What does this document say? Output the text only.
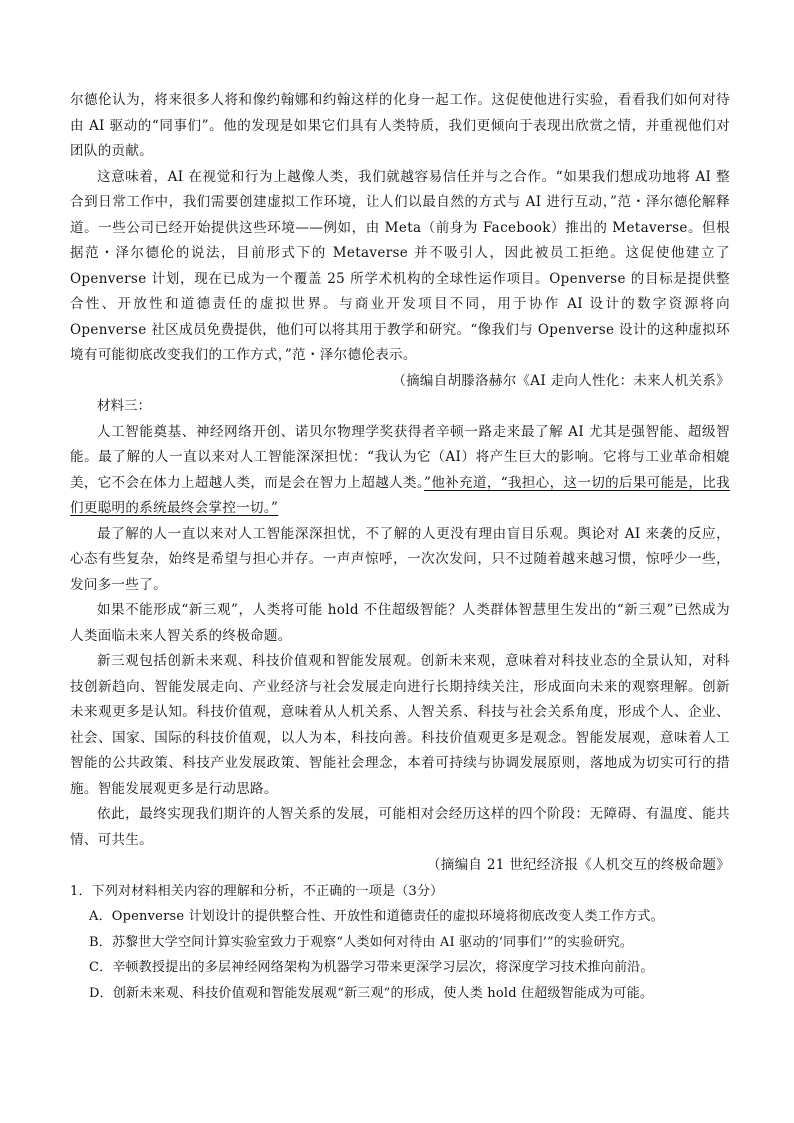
尔德伦认为，将来很多人将和像约翰娜和约翰这样的化身一起工作。这促使他进行实验，看看我们如何对待由 AI 驱动的“同事们”。他的发现是如果它们具有人类特质，我们更倾向于表现出欣赏之情，并重视他们对团队的贡献。

这意味着，AI 在视觉和行为上越像人类，我们就越容易信任并与之合作。“如果我们想成功地将 AI 整合到日常工作中，我们需要创建虚拟工作环境，让人们以最自然的方式与 AI 进行互动，”范・泽尔德伦解释道。一些公司已经开始提供这些环境——例如，由 Meta（前身为 Facebook）推出的 Metaverse。但根据范・泽尔德伦的说法，目前形式下的 Metaverse 并不吸引人，因此被员工拒绝。这促使他建立了 Openverse 计划，现在已成为一个覆盖 25 所学术机构的全球性运作项目。Openverse 的目标是提供整合性、开放性和道德责任的虚拟世界。与商业开发项目不同，用于协作 AI 设计的数字资源将向 Openverse 社区成员免费提供，他们可以将其用于教学和研究。“像我们与 Openverse 设计的这种虚拟环境有可能彻底改变我们的工作方式，”范・泽尔德伦表示。

（摘编自胡滕洛赫尔《AI 走向人性化：未来人机关系》

材料三：

人工智能奠基、神经网络开创、诺贝尔物理学奖获得者辛顿一路走来最了解 AI 尤其是强智能、超级智能。最了解的人一直以来对人工智能深深担忧：“我认为它（AI）将产生巨大的影响。它将与工业革命相媲美，它不会在体力上超越人类，而是会在智力上超越人类。”他补充道，“我担心，这一切的后果可能是，比我们更聪明的系统最终会掌控一切。”

最了解的人一直以来对人工智能深深担忧，不了解的人更没有理由盲目乐观。舆论对 AI 来袭的反应，心态有些复杂，始终是希望与担心并存。一声声惊呼，一次次发问，只不过随着越来越习惯，惊呼少一些，发问多一些了。

如果不能形成“新三观”，人类将可能 hold 不住超级智能？人类群体智慧里生发出的“新三观”已然成为人类面临未来人智关系的终极命题。

新三观包括创新未来观、科技价值观和智能发展观。创新未来观，意味着对科技业态的全景认知，对科技创新趋向、智能发展走向、产业经济与社会发展走向进行长期持续关注，形成面向未来的观察理解。创新未来观更多是认知。科技价值观，意味着从人机关系、人智关系、科技与社会关系角度，形成个人、企业、社会、国家、国际的科技价值观，以人为本，科技向善。科技价值观更多是观念。智能发展观，意味着人工智能的公共政策、科技产业发展政策、智能社会理念，本着可持续与协调发展原则，落地成为切实可行的措施。智能发展观更多是行动思路。

依此，最终实现我们期许的人智关系的发展，可能相对会经历这样的四个阶段：无障碍、有温度、能共情、可共生。

（摘编自 21 世纪经济报《人机交互的终极命题》

1．下列对材料相关内容的理解和分析，不正确的一项是（3分）

A．Openverse 计划设计的提供整合性、开放性和道德责任的虚拟环境将彻底改变人类工作方式。

B．苏黎世大学空间计算实验室致力于观察“人类如何对待由 AI 驱动的‘同事们’”的实验研究。

C．辛顿教授提出的多层神经网络架构为机器学习带来更深学习层次，将深度学习技术推向前沿。

D．创新未来观、科技价值观和智能发展观“新三观”的形成，使人类 hold 住超级智能成为可能。
